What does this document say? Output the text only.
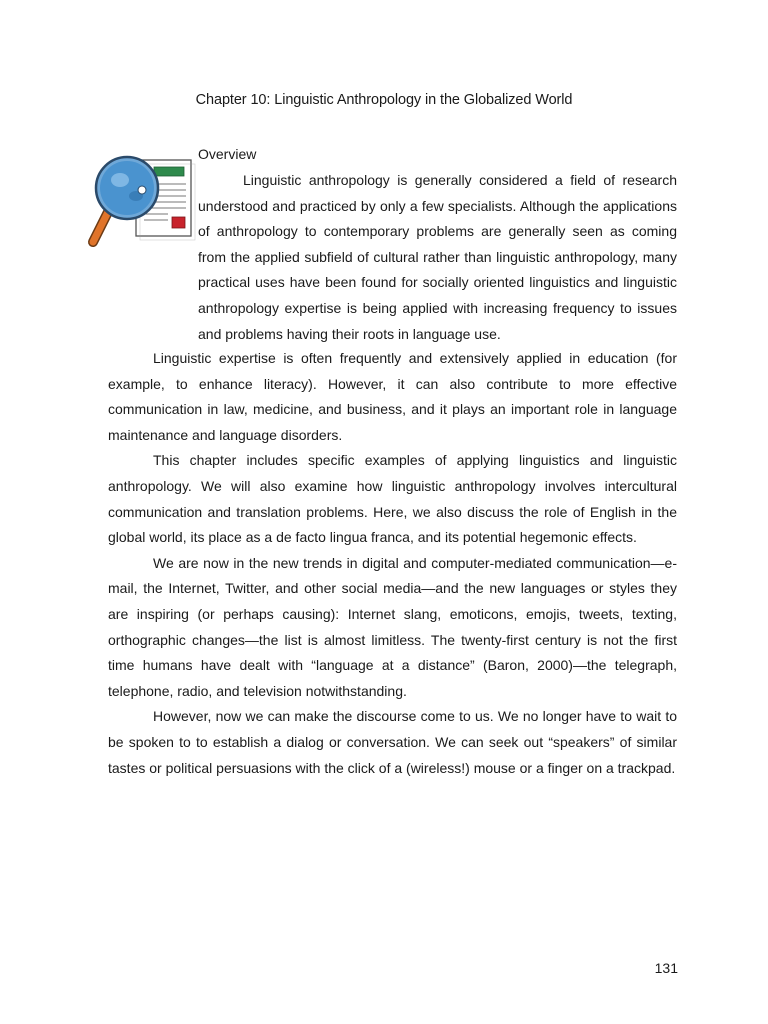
Chapter 10: Linguistic Anthropology in the Globalized World
Overview

Linguistic anthropology is generally considered a field of research understood and practiced by only a few specialists. Although the applications of anthropology to contemporary problems are generally seen as coming from the applied subfield of cultural rather than linguistic anthropology, many practical uses have been found for socially oriented linguistics and linguistic anthropology expertise is being applied with increasing frequency to issues and problems having their roots in language use.

Linguistic expertise is often frequently and extensively applied in education (for example, to enhance literacy). However, it can also contribute to more effective communication in law, medicine, and business, and it plays an important role in language maintenance and language disorders.

This chapter includes specific examples of applying linguistics and linguistic anthropology. We will also examine how linguistic anthropology involves intercultural communication and translation problems. Here, we also discuss the role of English in the global world, its place as a de facto lingua franca, and its potential hegemonic effects.

We are now in the new trends in digital and computer-mediated communication—e-mail, the Internet, Twitter, and other social media—and the new languages or styles they are inspiring (or perhaps causing): Internet slang, emoticons, emojis, tweets, texting, orthographic changes—the list is almost limitless. The twenty-first century is not the first time humans have dealt with “language at a distance” (Baron, 2000)—the telegraph, telephone, radio, and television notwithstanding.

However, now we can make the discourse come to us. We no longer have to wait to be spoken to to establish a dialog or conversation. We can seek out “speakers” of similar tastes or political persuasions with the click of a (wireless!) mouse or a finger on a trackpad.

131
